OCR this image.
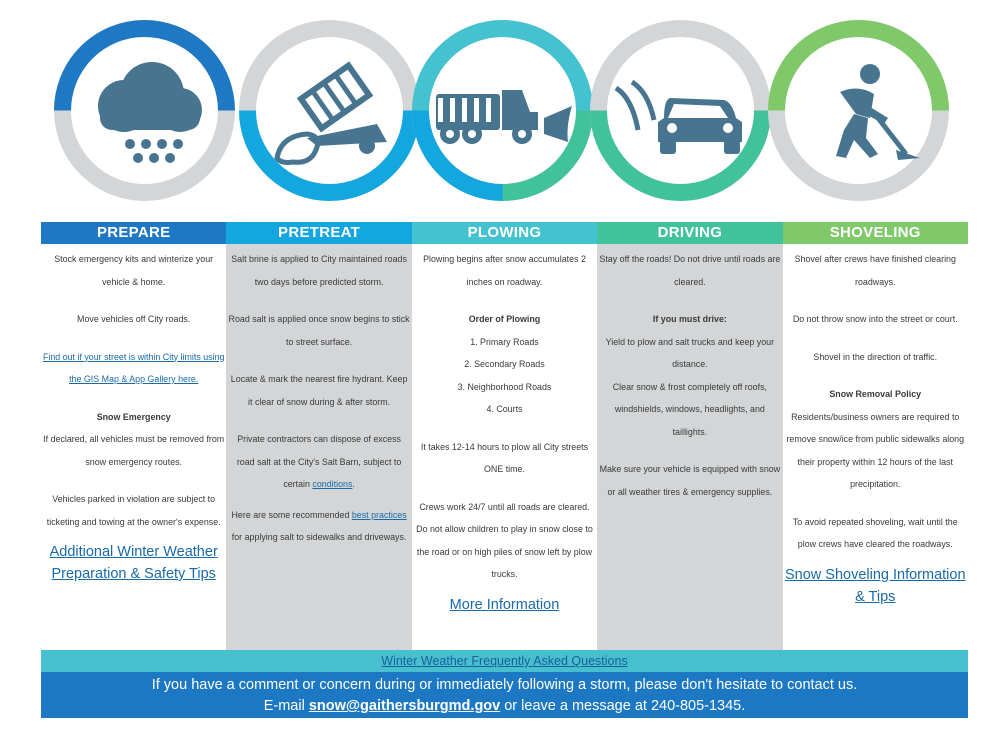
PREPARE

Stock emergency kits and winterize your vehicle & home.

Move vehicles off City roads.

Find out if your street is within City limits using the GIS Map & App Gallery here.

Snow Emergency

If declared, all vehicles must be removed from snow emergency routes.

Vehicles parked in violation are subject to ticketing and towing at the owner's expense.

Additional Winter Weather Preparation & Safety Tips
PRETREAT

Salt brine is applied to City maintained roads two days before predicted storm.

Road salt is applied once snow begins to stick to street surface.

Locate & mark the nearest fire hydrant. Keep it clear of snow during & after storm.

Private contractors can dispose of excess road salt at the City's Salt Barn, subject to certain conditions.

Here are some recommended best practices for applying salt to sidewalks and driveways.

PLOWING

Plowing begins after snow accumulates 2 inches on roadway.

Order of Plowing

1. Primary Roads

2. Secondary Roads

3. Neighborhood Roads

4. Courts

It takes 12-14 hours to plow all City streets ONE time.

Crews work 24/7 until all roads are cleared.

Do not allow children to play in snow close to the road or on high piles of snow left by plow trucks.

More Information
DRIVING

Stay off the roads! Do not drive until roads are cleared.

If you must drive:

Yield to plow and salt trucks and keep your distance.

Clear snow & frost completely off roofs, windshields, windows, headlights, and taillights.

Make sure your vehicle is equipped with snow or all weather tires & emergency supplies.

SHOVELING

Shovel after crews have finished clearing roadways.

Do not throw snow into the street or court.

Shovel in the direction of traffic.

Snow Removal Policy

Residents/business owners are required to remove snow/ice from public sidewalks along their property within 12 hours of the last precipitation.

To avoid repeated shoveling, wait until the plow crews have cleared the roadways.

Snow Shoveling Information & Tips
Winter Weather Frequently Asked Questions
If you have a comment or concern during or immediately following a storm, please don't hesitate to contact us.
E-mail snow@gaithersburgmd.gov or leave a message at 240-805-1345.
